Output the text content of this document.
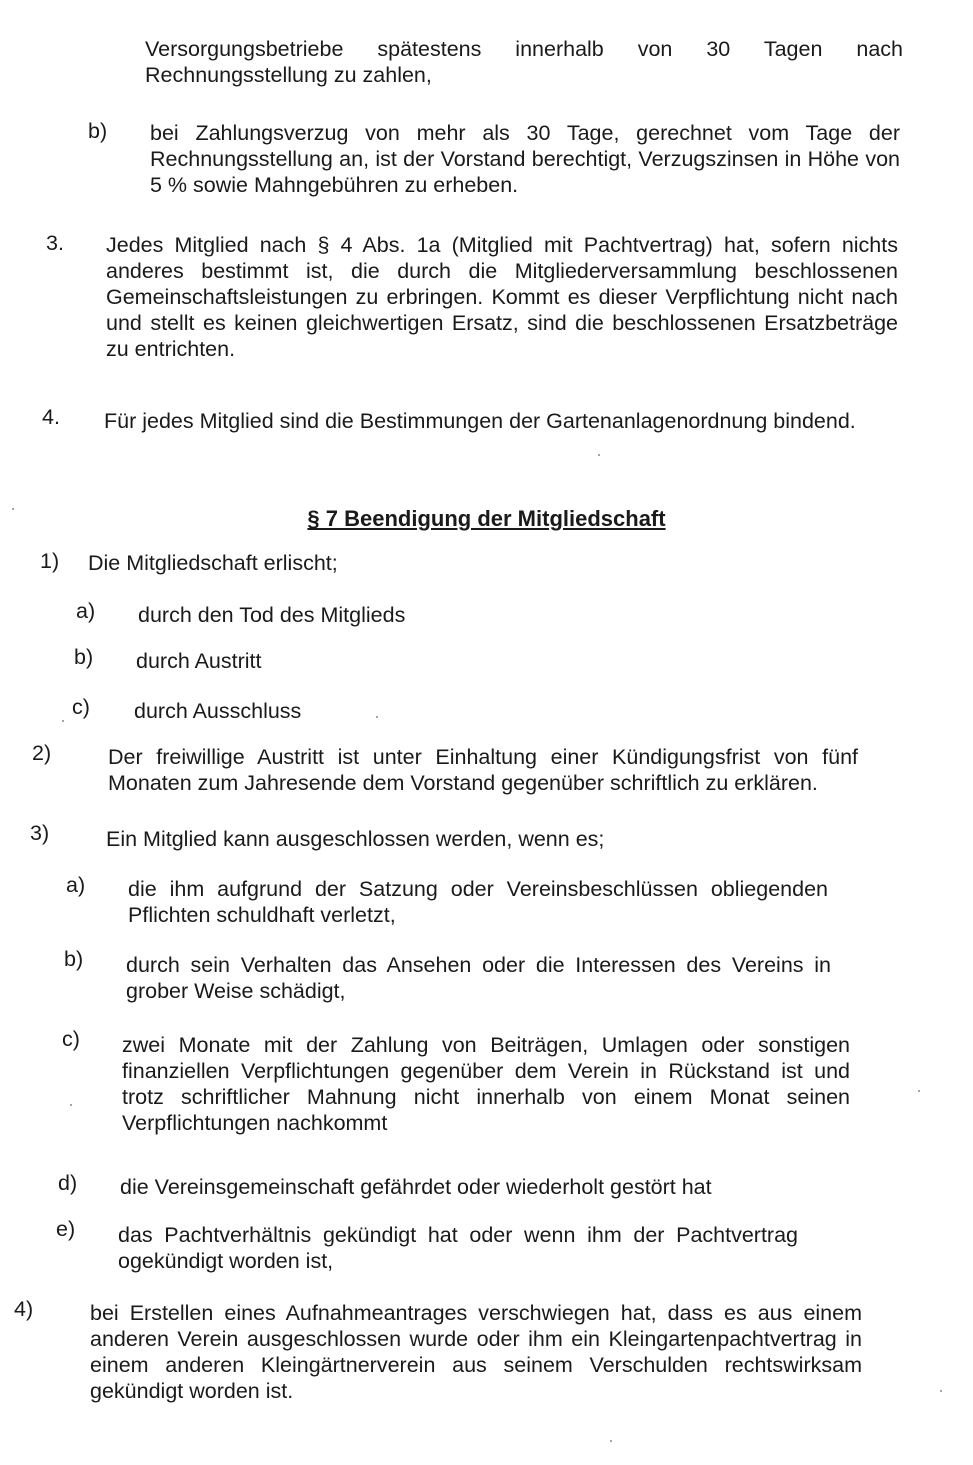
Versorgungsbetriebe spätestens innerhalb von 30 Tagen nach Rechnungsstellung zu zahlen,
b) bei Zahlungsverzug von mehr als 30 Tage, gerechnet vom Tage der Rechnungsstellung an, ist der Vorstand berechtigt, Verzugszinsen in Höhe von 5 % sowie Mahngebühren zu erheben.
3. Jedes Mitglied nach § 4 Abs. 1a (Mitglied mit Pachtvertrag) hat, sofern nichts anderes bestimmt ist, die durch die Mitgliederversammlung beschlossenen Gemeinschaftsleistungen zu erbringen. Kommt es dieser Verpflichtung nicht nach und stellt es keinen gleichwertigen Ersatz, sind die beschlossenen Ersatzbeträge zu entrichten.
4. Für jedes Mitglied sind die Bestimmungen der Gartenanlagenordnung bindend.
§ 7 Beendigung der Mitgliedschaft
1) Die Mitgliedschaft erlischt;
a) durch den Tod des Mitglieds
b) durch Austritt
c) durch Ausschluss
2)	Der freiwillige Austritt ist unter Einhaltung einer Kündigungsfrist von fünf Monaten zum Jahresende dem Vorstand gegenüber schriftlich zu erklären.
3)	Ein Mitglied kann ausgeschlossen werden, wenn es;
a) die ihm aufgrund der Satzung oder Vereinsbeschlüssen obliegenden Pflichten schuldhaft verletzt,
b) durch sein Verhalten das Ansehen oder die Interessen des Vereins in grober Weise schädigt,
c) zwei Monate mit der Zahlung von Beiträgen, Umlagen oder sonstigen finanziellen Verpflichtungen gegenüber dem Verein in Rückstand ist und trotz schriftlicher Mahnung nicht innerhalb von einem Monat seinen Verpflichtungen nachkommt
d) die Vereinsgemeinschaft gefährdet oder wiederholt gestört hat
e) das Pachtverhältnis gekündigt hat oder wenn ihm der Pachtvertrag ogekündigt worden ist,
4)	bei Erstellen eines Aufnahmeantrages verschwiegen hat, dass es aus einem anderen Verein ausgeschlossen wurde oder ihm ein Kleingartenpachtvertrag in einem anderen Kleingärtnerverein aus seinem Verschulden rechtswirksam gekündigt worden ist.
